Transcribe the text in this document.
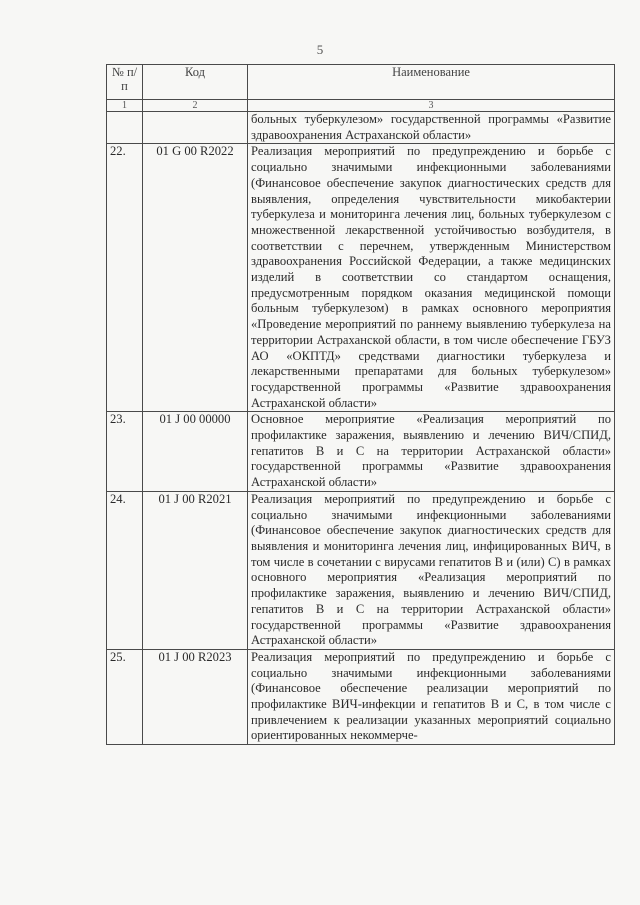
5
№ п/п	Код	Наименование
1	2	3
		больных туберкулезом» государственной программы «Развитие здравоохранения Астраханской области»
22.	01 G 00 R2022	Реализация мероприятий по предупреждению и борьбе с социально значимыми инфекционными заболеваниями (Финансовое обеспечение закупок диагностических средств для выявления, определения чувствительности микобактерии туберкулеза и мониторинга лечения лиц, больных туберкулезом с множественной лекарственной устойчивостью возбудителя, в соответствии с перечнем, утвержденным Министерством здравоохранения Российской Федерации, а также медицинских изделий в соответствии со стандартом оснащения, предусмотренным порядком оказания медицинской помощи больным туберкулезом) в рамках основного мероприятия «Проведение мероприятий по раннему выявлению туберкулеза на территории Астраханской области, в том числе обеспечение ГБУЗ АО «ОКПТД» средствами диагностики туберкулеза и лекарственными препаратами для больных туберкулезом» государственной программы «Развитие здравоохранения Астраханской области»
23.	01 J 00 00000	Основное мероприятие «Реализация мероприятий по профилактике заражения, выявлению и лечению ВИЧ/СПИД, гепатитов B и C на территории Астраханской области» государственной программы «Развитие здравоохранения Астраханской области»
24.	01 J 00 R2021	Реализация мероприятий по предупреждению и борьбе с социально значимыми инфекционными заболеваниями (Финансовое обеспечение закупок диагностических средств для выявления и мониторинга лечения лиц, инфицированных ВИЧ, в том числе в сочетании с вирусами гепатитов B и (или) C) в рамках основного мероприятия «Реализация мероприятий по профилактике заражения, выявлению и лечению ВИЧ/СПИД, гепатитов B и C на территории Астраханской области» государственной программы «Развитие здравоохранения Астраханской области»
25.	01 J 00 R2023	Реализация мероприятий по предупреждению и борьбе с социально значимыми инфекционными заболеваниями (Финансовое обеспечение реализации мероприятий по профилактике ВИЧ-инфекции и гепатитов B и C, в том числе с привлечением к реализации указанных мероприятий социально ориентированных некоммерче-
